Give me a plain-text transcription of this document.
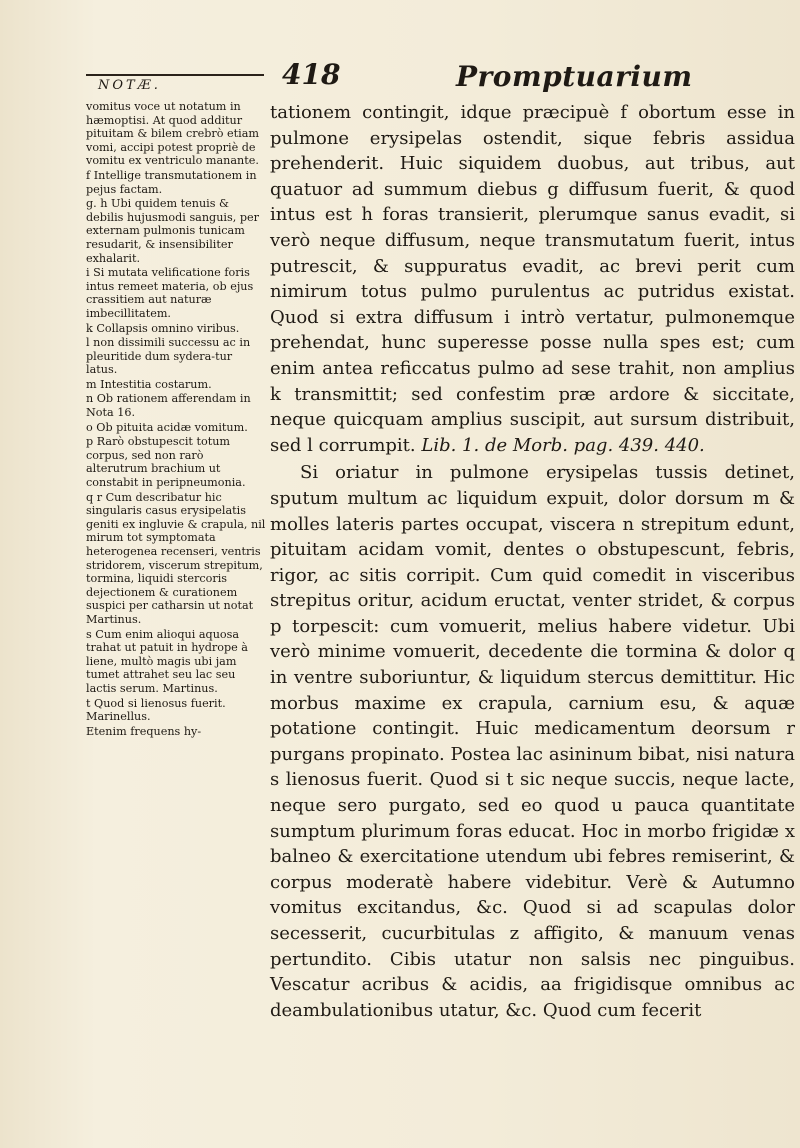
NOTÆ.	418	Promptuarium

vomitus voce ut notatum in hæmoptisi. At quod additur pituitam & bilem crebrò etiam vomi, accipi potest propriè de vomitu ex ventriculo manante.

f Intellige transmutationem in pejus factam.

g. h Ubi quidem tenuis & debilis hujusmodi sanguis, per externam pulmonis tunicam resudarit, & insensibiliter exhalarit.

i Si mutata velificatione foris intus remeet materia, ob ejus crassitiem aut naturæ imbecillitatem.

k Collapsis omnino viribus.

l non dissimili successu ac in pleuritide dum sydera-tur latus.

m Intestitia costarum.

n Ob rationem afferendam in Nota 16.

o Ob pituita acidæ vomitum.

p Rarò obstupescit totum corpus, sed non rarò alterutrum brachium ut constabit in peripneumonia.

q r Cum describatur hic singularis casus erysipelatis geniti ex ingluvie & crapula, nil mirum tot symptomata heterogenea recenseri, ventris stridorem, viscerum strepitum, tormina, liquidi stercoris dejectionem & curationem suspici per catharsin ut notat Martinus.

s Cum enim alioqui aquosa trahat ut patuit in hydrope à liene, multò magis ubi jam tumet attrahet seu lac seu lactis serum. Martinus.

t Quod si lienosus fuerit. Marinellus.

Etenim frequens hy-

tationem contingit, idque præcipuè f obortum esse in pulmone erysipelas ostendit, sique febris assidua prehenderit. Huic siquidem duobus, aut tribus, aut quatuor ad summum diebus g diffusum fuerit, & quod intus est h foras transierit, plerumque sanus evadit, si verò neque diffusum, neque transmutatum fuerit, intus putrescit, & suppuratus evadit, ac brevi perit cum nimirum totus pulmo purulentus ac putridus existat. Quod si extra diffusum i intrò vertatur, pulmonemque prehendat, hunc superesse posse nulla spes est; cum enim antea reficcatus pulmo ad sese trahit, non amplius k transmittit; sed confestim præ ardore & siccitate, neque quicquam amplius suscipit, aut sursum distribuit, sed l corrumpit. Lib. 1. de Morb. pag. 439. 440.

Si oriatur in pulmone erysipelas tussis detinet, sputum multum ac liquidum expuit, dolor dorsum m & molles lateris partes occupat, viscera n strepitum edunt, pituitam acidam vomit, dentes o obstupescunt, febris, rigor, ac sitis corripit. Cum quid comedit in visceribus strepitus oritur, acidum eructat, venter stridet, & corpus p torpescit: cum vomuerit, melius habere videtur. Ubi verò minime vomuerit, decedente die tormina & dolor q in ventre suboriuntur, & liquidum stercus demittitur. Hic morbus maxime ex crapula, carnium esu, & aquæ potatione contingit. Huic medicamentum deorsum r purgans propinato. Postea lac asininum bibat, nisi natura s lienosus fuerit. Quod si t sic neque succis, neque lacte, neque sero purgato, sed eo quod u pauca quantitate sumptum plurimum foras educat. Hoc in morbo frigidæ x balneo & exercitatione utendum ubi febres remiserint, & corpus moderatè habere videbitur. Verè & Autumno vomitus excitandus, &c. Quod si ad scapulas dolor secesserit, cucurbitulas z affigito, & manuum venas pertundito. Cibis utatur non salsis nec pinguibus. Vescatur acribus & acidis, aa frigidisque omnibus ac deambulationibus utatur, &c. Quod cum fecerit
